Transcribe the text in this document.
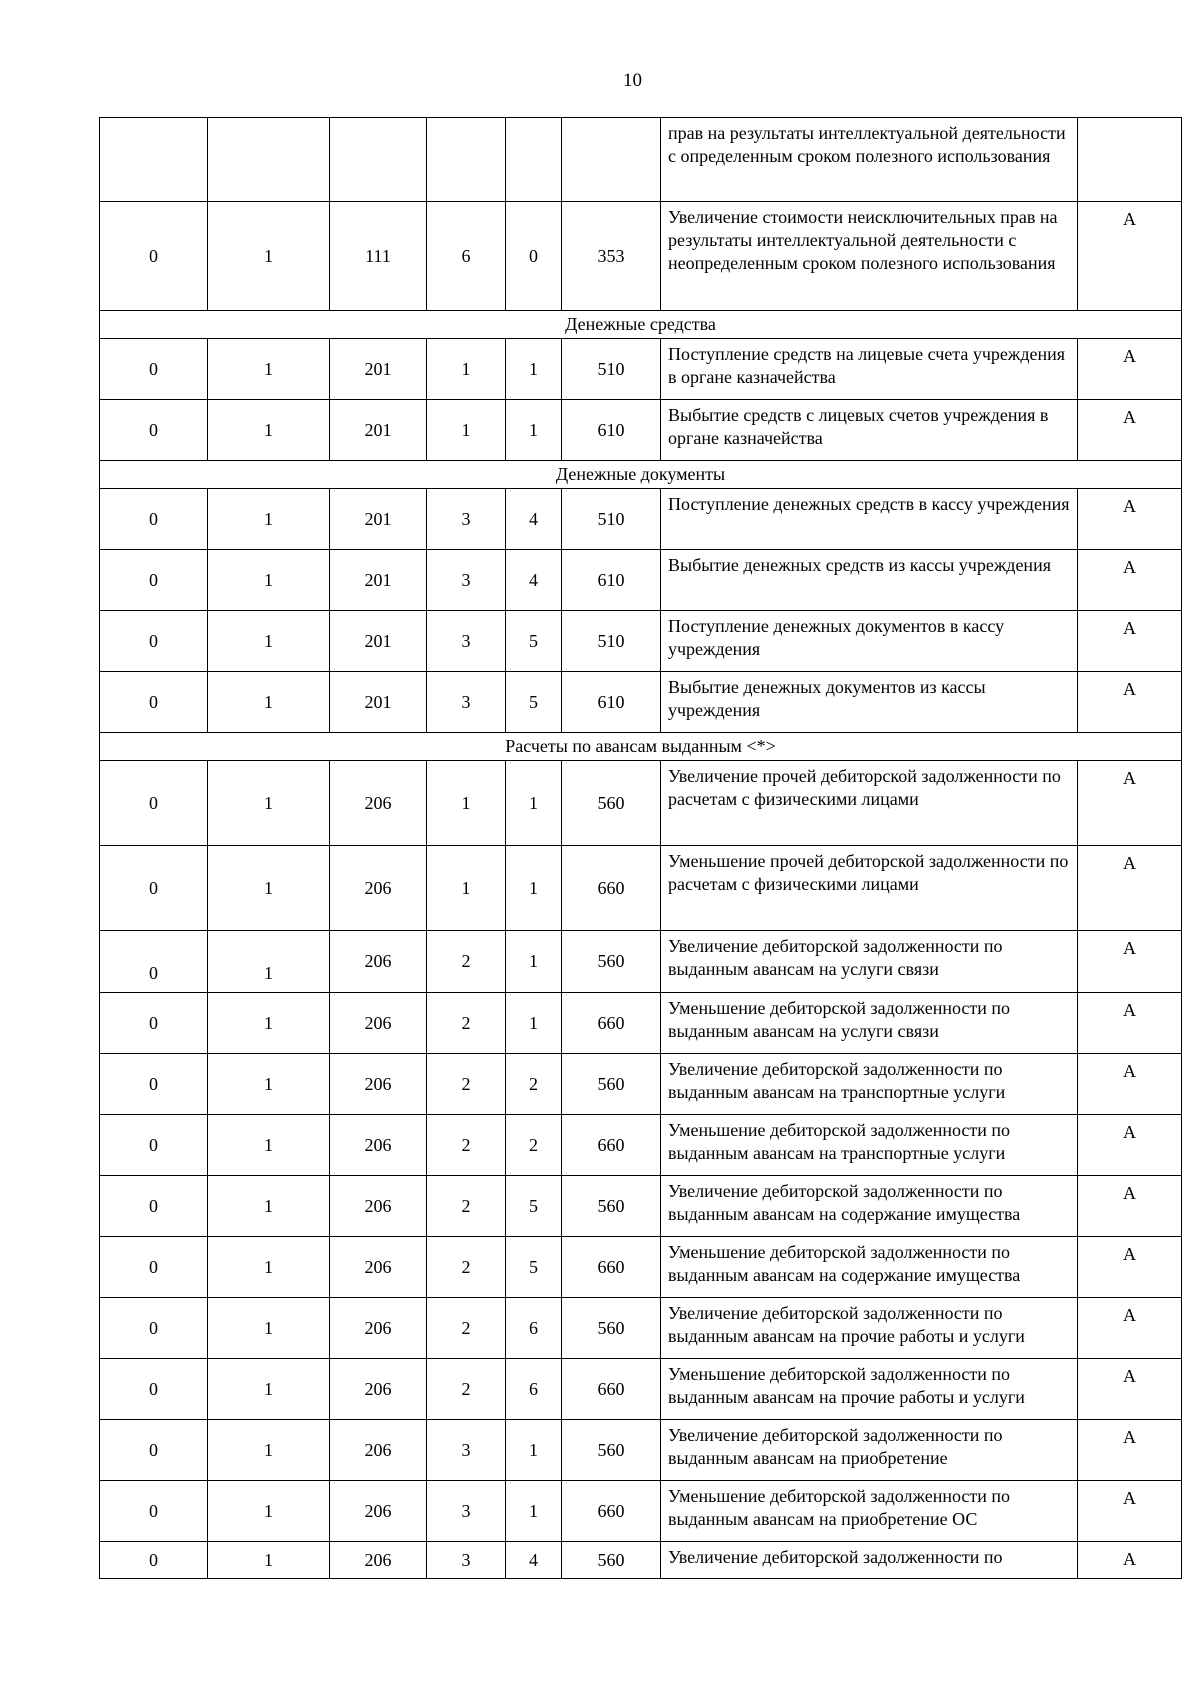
10
						прав на результаты интеллектуальной деятельности с определенным сроком полезного использования	
0	1	111	6	0	353	Увеличение стоимости неисключительных прав на результаты интеллектуальной деятельности с неопределенным сроком полезного использования	А
Денежные средства							
0	1	201	1	1	510	Поступление средств на лицевые счета учреждения в органе казначейства	А
0	1	201	1	1	610	Выбытие средств с лицевых счетов учреждения в органе казначейства	А
Денежные документы							
0	1	201	3	4	510	Поступление денежных средств в кассу учреждения	А
0	1	201	3	4	610	Выбытие денежных средств из кассы учреждения	А
0	1	201	3	5	510	Поступление денежных документов в кассу учреждения	А
0	1	201	3	5	610	Выбытие денежных документов из кассы учреждения	А
Расчеты по авансам выданным <*>							
0	1	206	1	1	560	Увеличение прочей дебиторской задолженности по расчетам с физическими лицами	А
0	1	206	1	1	660	Уменьшение прочей дебиторской задолженности по расчетам с физическими лицами	А
0	1	206	2	1	560	Увеличение дебиторской задолженности по выданным авансам на услуги связи	А
0	1	206	2	1	660	Уменьшение дебиторской задолженности по выданным авансам на услуги связи	А
0	1	206	2	2	560	Увеличение дебиторской задолженности по выданным авансам на транспортные услуги	А
0	1	206	2	2	660	Уменьшение дебиторской задолженности по выданным авансам на транспортные услуги	А
0	1	206	2	5	560	Увеличение дебиторской задолженности по выданным авансам на содержание имущества	А
0	1	206	2	5	660	Уменьшение дебиторской задолженности по выданным авансам на содержание имущества	А
0	1	206	2	6	560	Увеличение дебиторской задолженности по выданным авансам на прочие работы и услуги	А
0	1	206	2	6	660	Уменьшение дебиторской задолженности по выданным авансам на прочие работы и услуги	А
0	1	206	3	1	560	Увеличение дебиторской задолженности по выданным авансам на приобретение	А
0	1	206	3	1	660	Уменьшение дебиторской задолженности по выданным авансам на приобретение ОС	А
0	1	206	3	4	560	Увеличение дебиторской задолженности по	А
